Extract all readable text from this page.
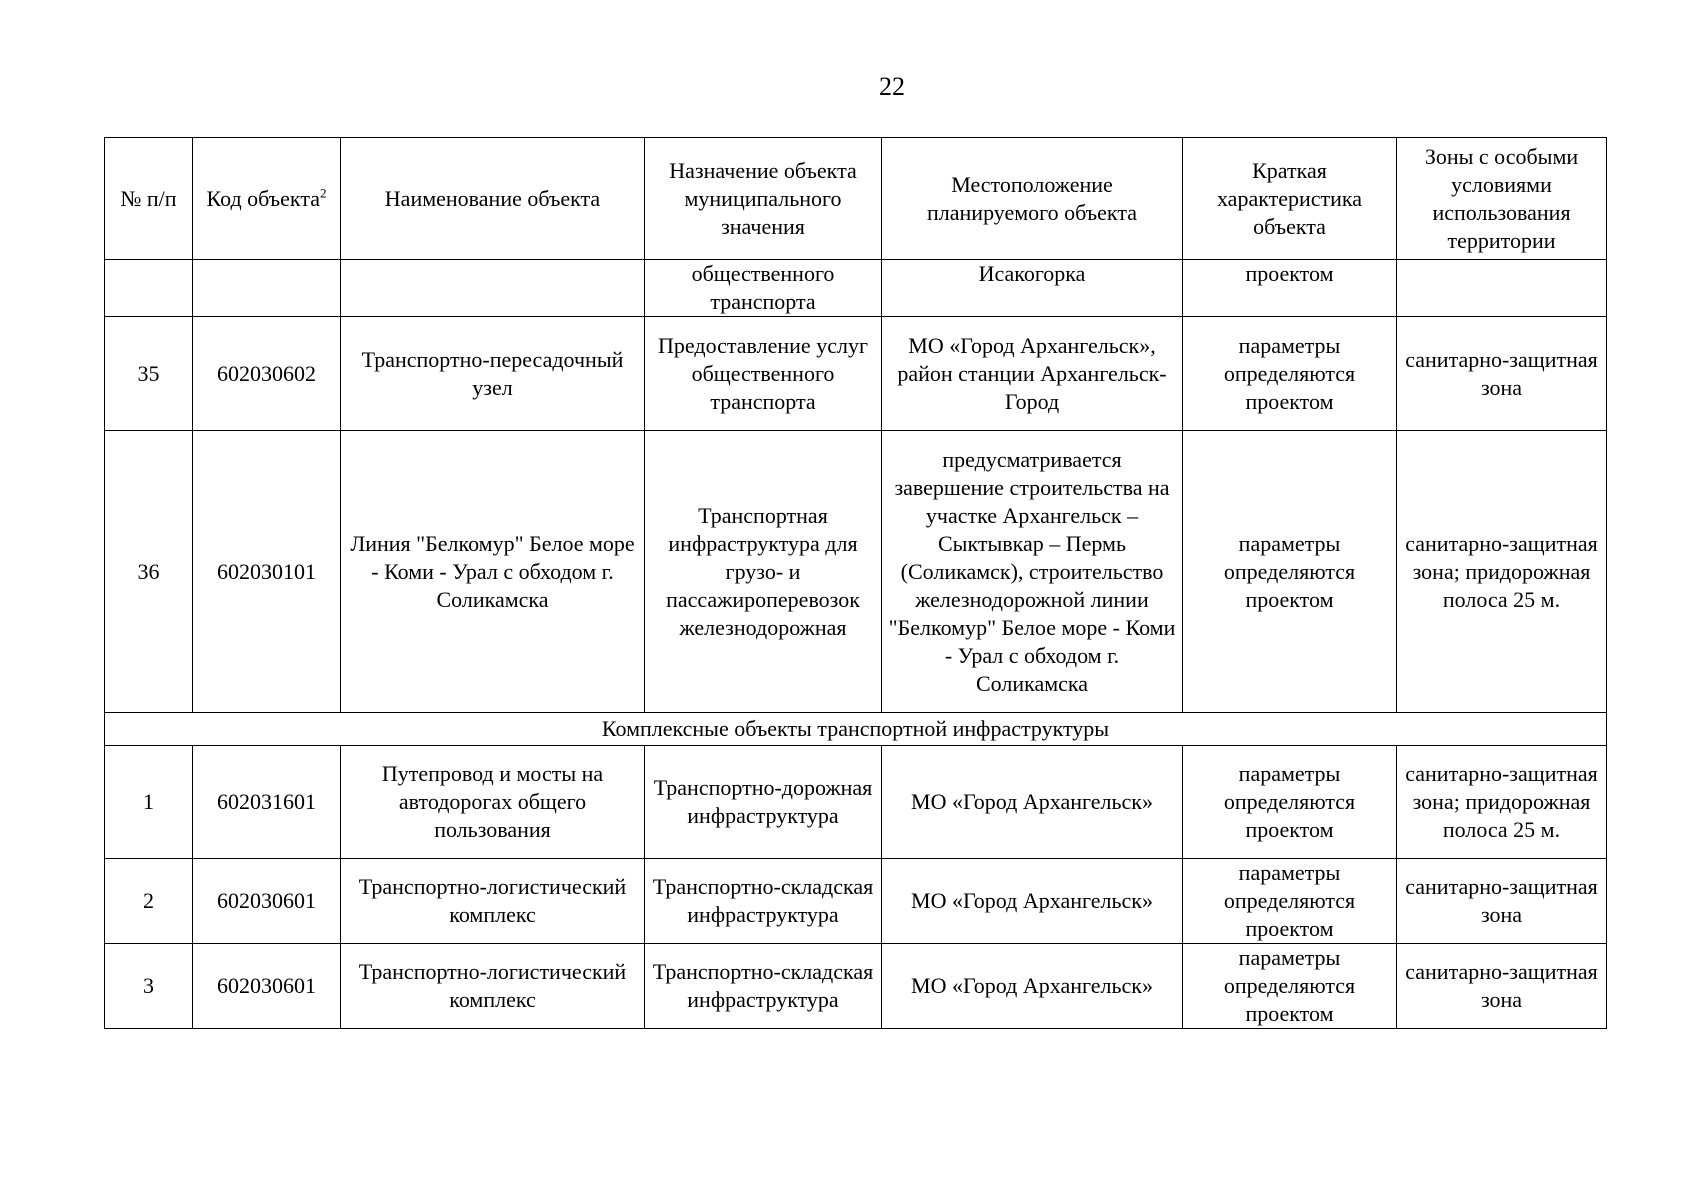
22
№ п/п	Код объекта$^2$	Наименование объекта	Назначение объекта муниципального значения	Местоположение планируемого объекта	Краткая характеристика объекта	Зоны с особыми условиями использования территории
			общественного транспорта	Исакогорка	проектом	
35	602030602	Транспортно-пересадочный узел	Предоставление услуг общественного транспорта	МО «Город Архангельск», район станции Архангельск-Город	параметры определяются проектом	санитарно-защитная зона
36	602030101	Линия "Белкомур" Белое море - Коми - Урал с обходом г. Соликамска	Транспортная инфраструктура для грузо- и пассажироперевозок железнодорожная	предусматривается завершение строительства на участке Архангельск – Сыктывкар – Пермь (Соликамск), строительство железнодорожной линии "Белкомур" Белое море - Коми - Урал с обходом г. Соликамска	параметры определяются проектом	санитарно-защитная зона; придорожная полоса 25 м.
Комплексные объекты транспортной инфраструктуры						
1	602031601	Путепровод и мосты на автодорогах общего пользования	Транспортно-дорожная инфраструктура	МО «Город Архангельск»	параметры определяются проектом	санитарно-защитная зона; придорожная полоса 25 м.
2	602030601	Транспортно-логистический комплекс	Транспортно-складская инфраструктура	МО «Город Архангельск»	параметры определяются проектом	санитарно-защитная зона
3	602030601	Транспортно-логистический комплекс	Транспортно-складская инфраструктура	МО «Город Архангельск»	параметры определяются проектом	санитарно-защитная зона
